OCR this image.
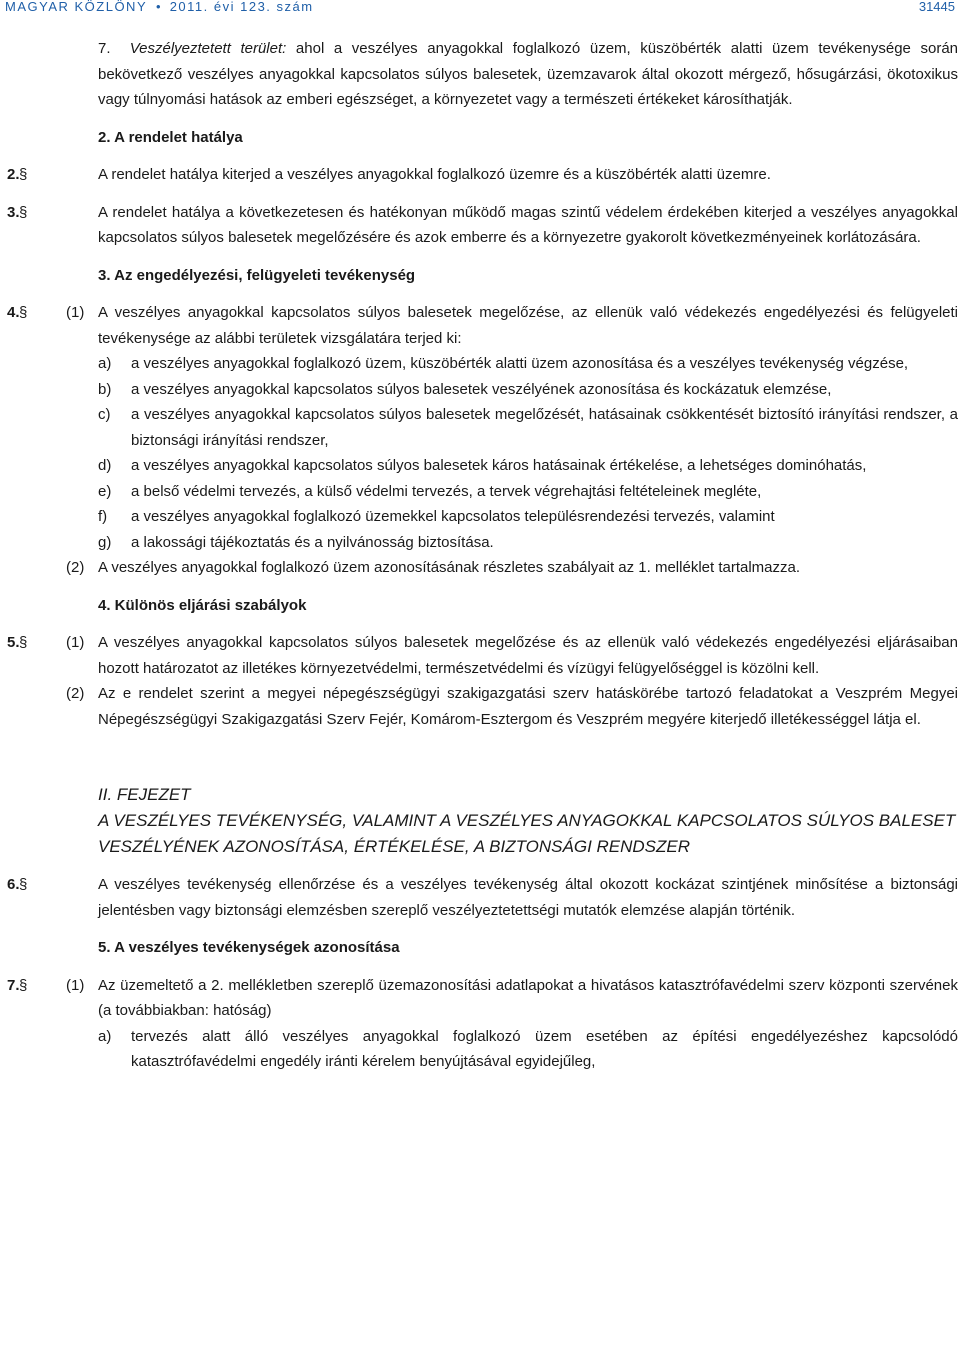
MAGYAR KÖZLÖNY • 2011. évi 123. szám	31445
7. Veszélyeztetett terület: ahol a veszélyes anyagokkal foglalkozó üzem, küszöbérték alatti üzem tevékenysége során bekövetkező veszélyes anyagokkal kapcsolatos súlyos balesetek, üzemzavarok által okozott mérgező, hősugárzási, ökotoxikus vagy túlnyomási hatások az emberi egészséget, a környezetet vagy a természeti értékeket károsíthatják.
2. A rendelet hatálya
2. §	A rendelet hatálya kiterjed a veszélyes anyagokkal foglalkozó üzemre és a küszöbérték alatti üzemre.
3. §	A rendelet hatálya a következetesen és hatékonyan működő magas szintű védelem érdekében kiterjed a veszélyes anyagokkal kapcsolatos súlyos balesetek megelőzésére és azok emberre és a környezetre gyakorolt következményeinek korlátozására.
3. Az engedélyezési, felügyeleti tevékenység
4. §	(1) A veszélyes anyagokkal kapcsolatos súlyos balesetek megelőzése, az ellenük való védekezés engedélyezési és felügyeleti tevékenysége az alábbi területek vizsgálatára terjed ki:
a) a veszélyes anyagokkal foglalkozó üzem, küszöbérték alatti üzem azonosítása és a veszélyes tevékenység végzése,
b) a veszélyes anyagokkal kapcsolatos súlyos balesetek veszélyének azonosítása és kockázatuk elemzése,
c) a veszélyes anyagokkal kapcsolatos súlyos balesetek megelőzését, hatásainak csökkentését biztosító irányítási rendszer, a biztonsági irányítási rendszer,
d) a veszélyes anyagokkal kapcsolatos súlyos balesetek káros hatásainak értékelése, a lehetséges dominóhatás,
e) a belső védelmi tervezés, a külső védelmi tervezés, a tervek végrehajtási feltételeinek megléte,
f) a veszélyes anyagokkal foglalkozó üzemekkel kapcsolatos településrendezési tervezés, valamint
g) a lakossági tájékoztatás és a nyilvánosság biztosítása.
(2) A veszélyes anyagokkal foglalkozó üzem azonosításának részletes szabályait az 1. melléklet tartalmazza.
4. Különös eljárási szabályok
5. §	(1) A veszélyes anyagokkal kapcsolatos súlyos balesetek megelőzése és az ellenük való védekezés engedélyezési eljárásaiban hozott határozatot az illetékes környezetvédelmi, természetvédelmi és vízügyi felügyelőséggel is közölni kell.
(2) Az e rendelet szerint a megyei népegészségügyi szakigazgatási szerv hatáskörébe tartozó feladatokat a Veszprém Megyei Népegészségügyi Szakigazgatási Szerv Fejér, Komárom-Esztergom és Veszprém megyére kiterjedő illetékességgel látja el.
II. FEJEZET
A VESZÉLYES TEVÉKENYSÉG, VALAMINT A VESZÉLYES ANYAGOKKAL KAPCSOLATOS SÚLYOS BALESET
VESZÉLYÉNEK AZONOSÍTÁSA, ÉRTÉKELÉSE, A BIZTONSÁGI RENDSZER
6. §	A veszélyes tevékenység ellenőrzése és a veszélyes tevékenység által okozott kockázat szintjének minősítése a biztonsági jelentésben vagy biztonsági elemzésben szereplő veszélyeztetettségi mutatók elemzése alapján történik.
5. A veszélyes tevékenységek azonosítása
7. §	(1) Az üzemeltető a 2. mellékletben szereplő üzemazonosítási adatlapokat a hivatásos katasztrófavédelmi szerv központi szervének (a továbbiakban: hatóság)
a) tervezés alatt álló veszélyes anyagokkal foglalkozó üzem esetében az építési engedélyezéshez kapcsolódó katasztrófavédelmi engedély iránti kérelem benyújtásával egyidejűleg,
